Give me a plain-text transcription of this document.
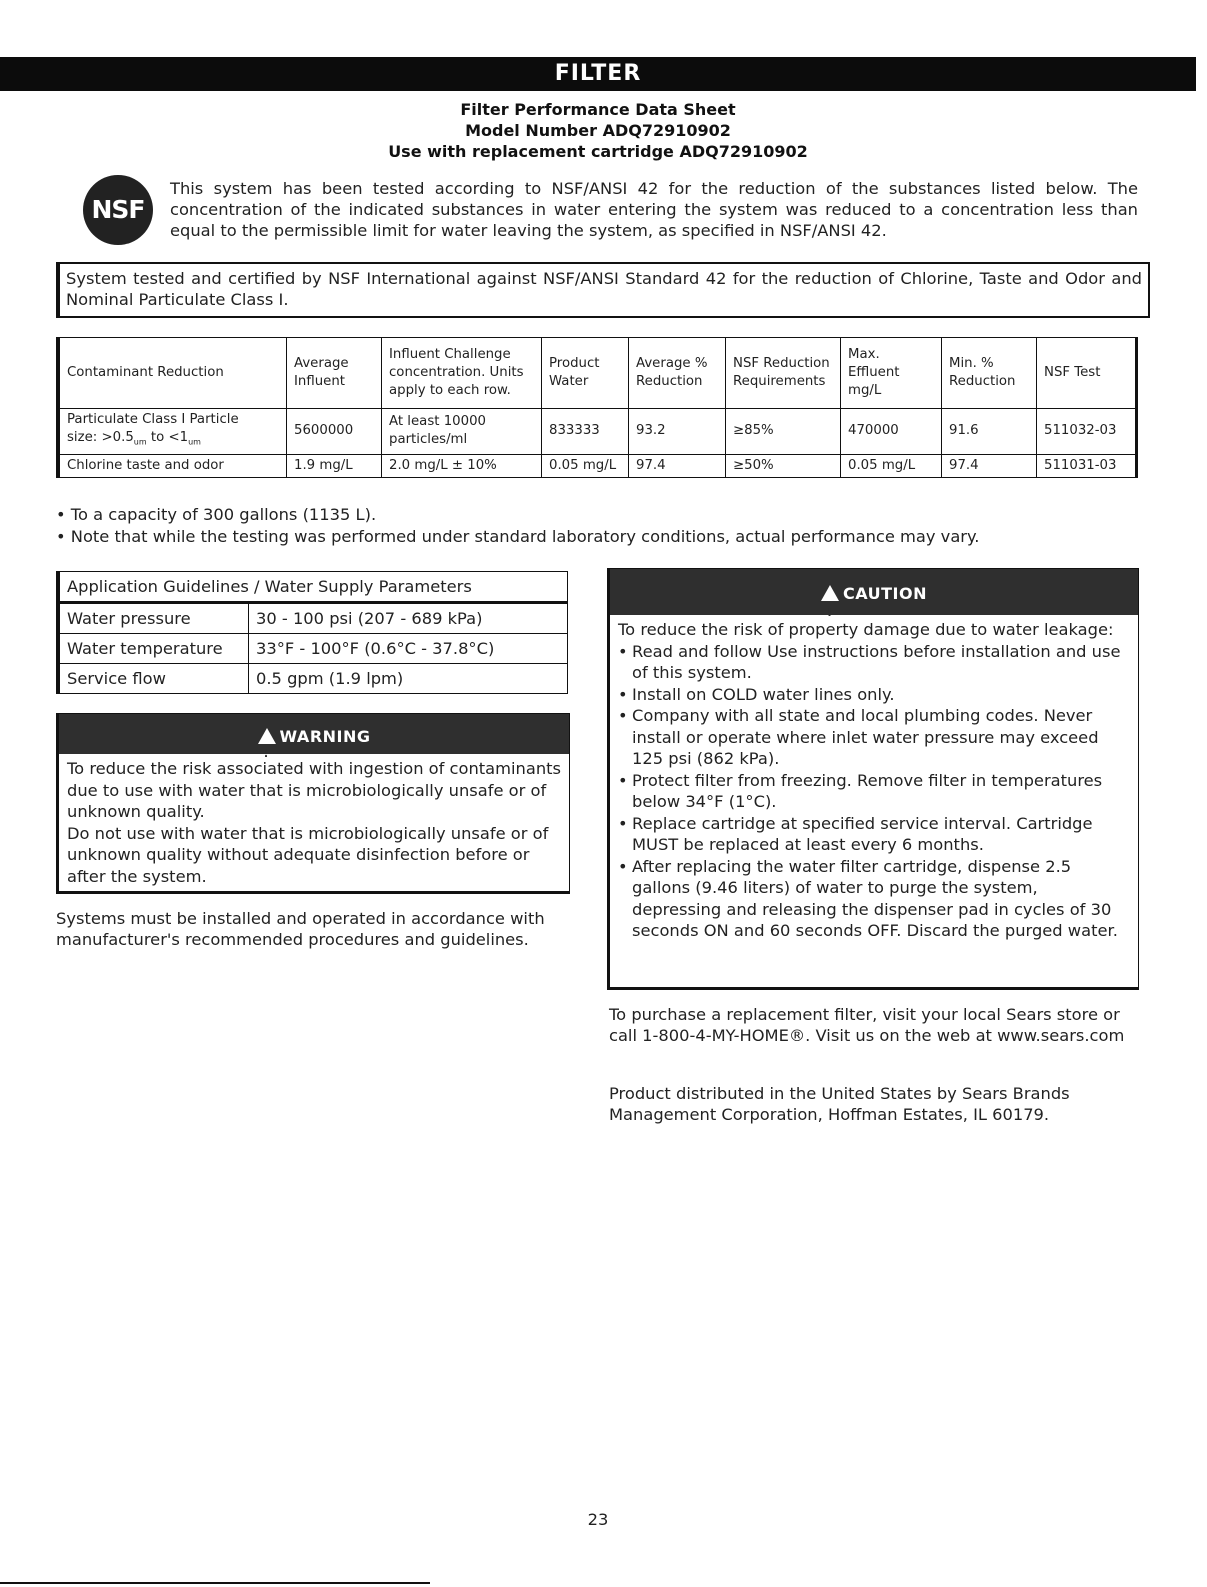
FILTER
Filter Performance Data Sheet
Model Number ADQ72910902
Use with replacement cartridge ADQ72910902
NSF
This system has been tested according to NSF/ANSI 42 for the reduction of the substances listed below. The concentration of the indicated substances in water entering the system was reduced to a concentration less than equal to the permissible limit for water leaving the system, as specified in NSF/ANSI 42.
System tested and certified by NSF International against NSF/ANSI Standard 42 for the reduction of Chlorine, Taste and Odor and Nominal Particulate Class I.
Contaminant Reduction	Average Influent	Influent Challenge concentration. Units apply to each row.	Product Water	Average % Reduction	NSF Reduction Requirements	Max. Effluent mg/L	Min. % Reduction	NSF Test

Particulate Class I Particle
size: $>0.5_{um}$ to $<1_{um}$	5600000	At least 10000 particles/ml	833333	93.2	≥85%	470000	91.6	511032-03
Chlorine taste and odor	1.9 mg/L	2.0 mg/L ± 10%	0.05 mg/L	97.4	≥50%	0.05 mg/L	97.4	511031-03
• To a capacity of 300 gallons (1135 L).
• Note that while the testing was performed under standard laboratory conditions, actual performance may vary.
Application Guidelines / Water Supply Parameters	
Water pressure	30 - 100 psi (207 - 689 kPa)
Water temperature	33°F - 100°F (0.6°C - 37.8°C)
Service flow	0.5 gpm (1.9 lpm)
!WARNING
To reduce the risk associated with ingestion of contaminants due to use with water that is microbiologically unsafe or of unknown quality.
Do not use with water that is microbiologically unsafe or of unknown quality without adequate disinfection before or after the system.
Systems must be installed and operated in accordance with manufacturer's recommended procedures and guidelines.
!CAUTION
To reduce the risk of property damage due to water leakage:
• Read and follow Use instructions before installation and use of this system.
• Install on COLD water lines only.
• Company with all state and local plumbing codes. Never install or operate where inlet water pressure may exceed 125 psi (862 kPa).
• Protect filter from freezing. Remove filter in temperatures below 34°F (1°C).
• Replace cartridge at specified service interval. Cartridge MUST be replaced at least every 6 months.
• After replacing the water filter cartridge, dispense 2.5 gallons (9.46 liters) of water to purge the system, depressing and releasing the dispenser pad in cycles of 30 seconds ON and 60 seconds OFF. Discard the purged water.
To purchase a replacement filter, visit your local Sears store or call 1-800-4-MY-HOME®. Visit us on the web at www.sears.com
Product distributed in the United States by Sears Brands Management Corporation, Hoffman Estates, IL 60179.
23
